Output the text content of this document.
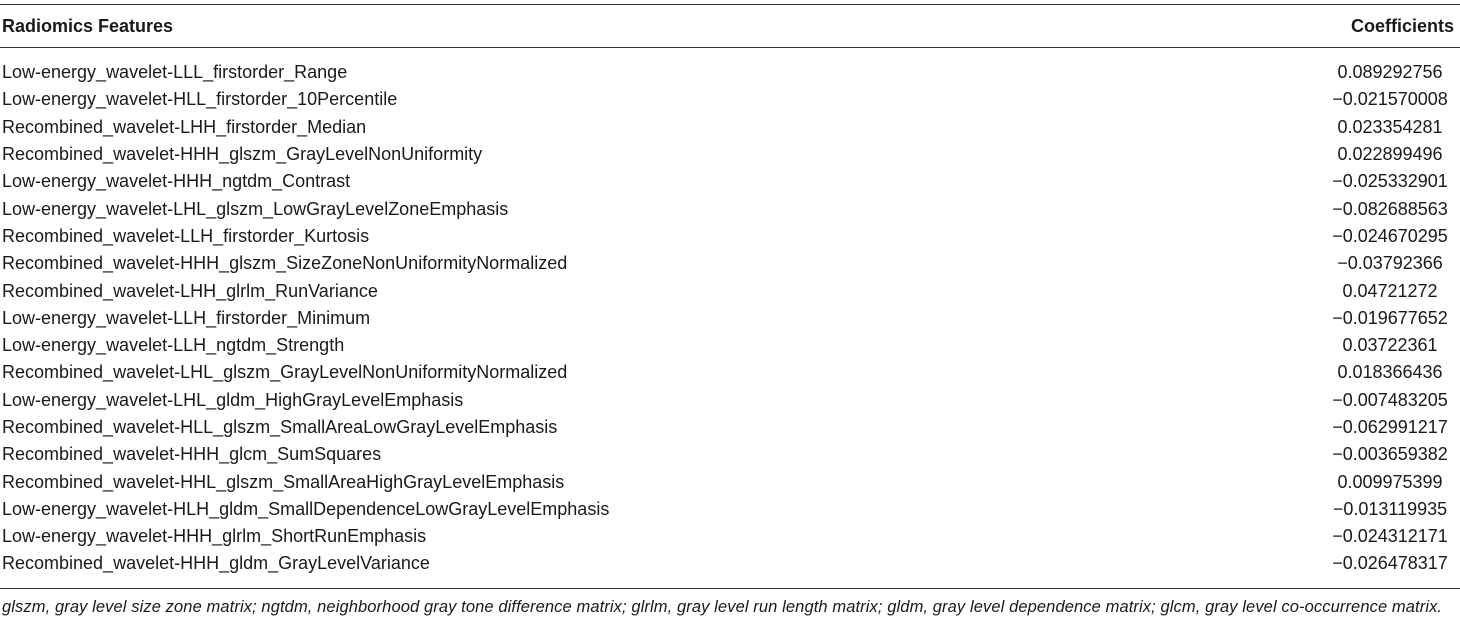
Radiomics Features	Coefficients
Low-energy_wavelet-LLL_firstorder_Range	0.089292756
Low-energy_wavelet-HLL_firstorder_10Percentile	−0.021570008
Recombined_wavelet-LHH_firstorder_Median	0.023354281
Recombined_wavelet-HHH_glszm_GrayLevelNonUniformity	0.022899496
Low-energy_wavelet-HHH_ngtdm_Contrast	−0.025332901
Low-energy_wavelet-LHL_glszm_LowGrayLevelZoneEmphasis	−0.082688563
Recombined_wavelet-LLH_firstorder_Kurtosis	−0.024670295
Recombined_wavelet-HHH_glszm_SizeZoneNonUniformityNormalized	−0.03792366
Recombined_wavelet-LHH_glrlm_RunVariance	0.04721272
Low-energy_wavelet-LLH_firstorder_Minimum	−0.019677652
Low-energy_wavelet-LLH_ngtdm_Strength	0.03722361
Recombined_wavelet-LHL_glszm_GrayLevelNonUniformityNormalized	0.018366436
Low-energy_wavelet-LHL_gldm_HighGrayLevelEmphasis	−0.007483205
Recombined_wavelet-HLL_glszm_SmallAreaLowGrayLevelEmphasis	−0.062991217
Recombined_wavelet-HHH_glcm_SumSquares	−0.003659382
Recombined_wavelet-HHL_glszm_SmallAreaHighGrayLevelEmphasis	0.009975399
Low-energy_wavelet-HLH_gldm_SmallDependenceLowGrayLevelEmphasis	−0.013119935
Low-energy_wavelet-HHH_glrlm_ShortRunEmphasis	−0.024312171
Recombined_wavelet-HHH_gldm_GrayLevelVariance	−0.026478317
glszm, gray level size zone matrix; ngtdm, neighborhood gray tone difference matrix; glrlm, gray level run length matrix; gldm, gray level dependence matrix; glcm, gray level co-occurrence matrix.
